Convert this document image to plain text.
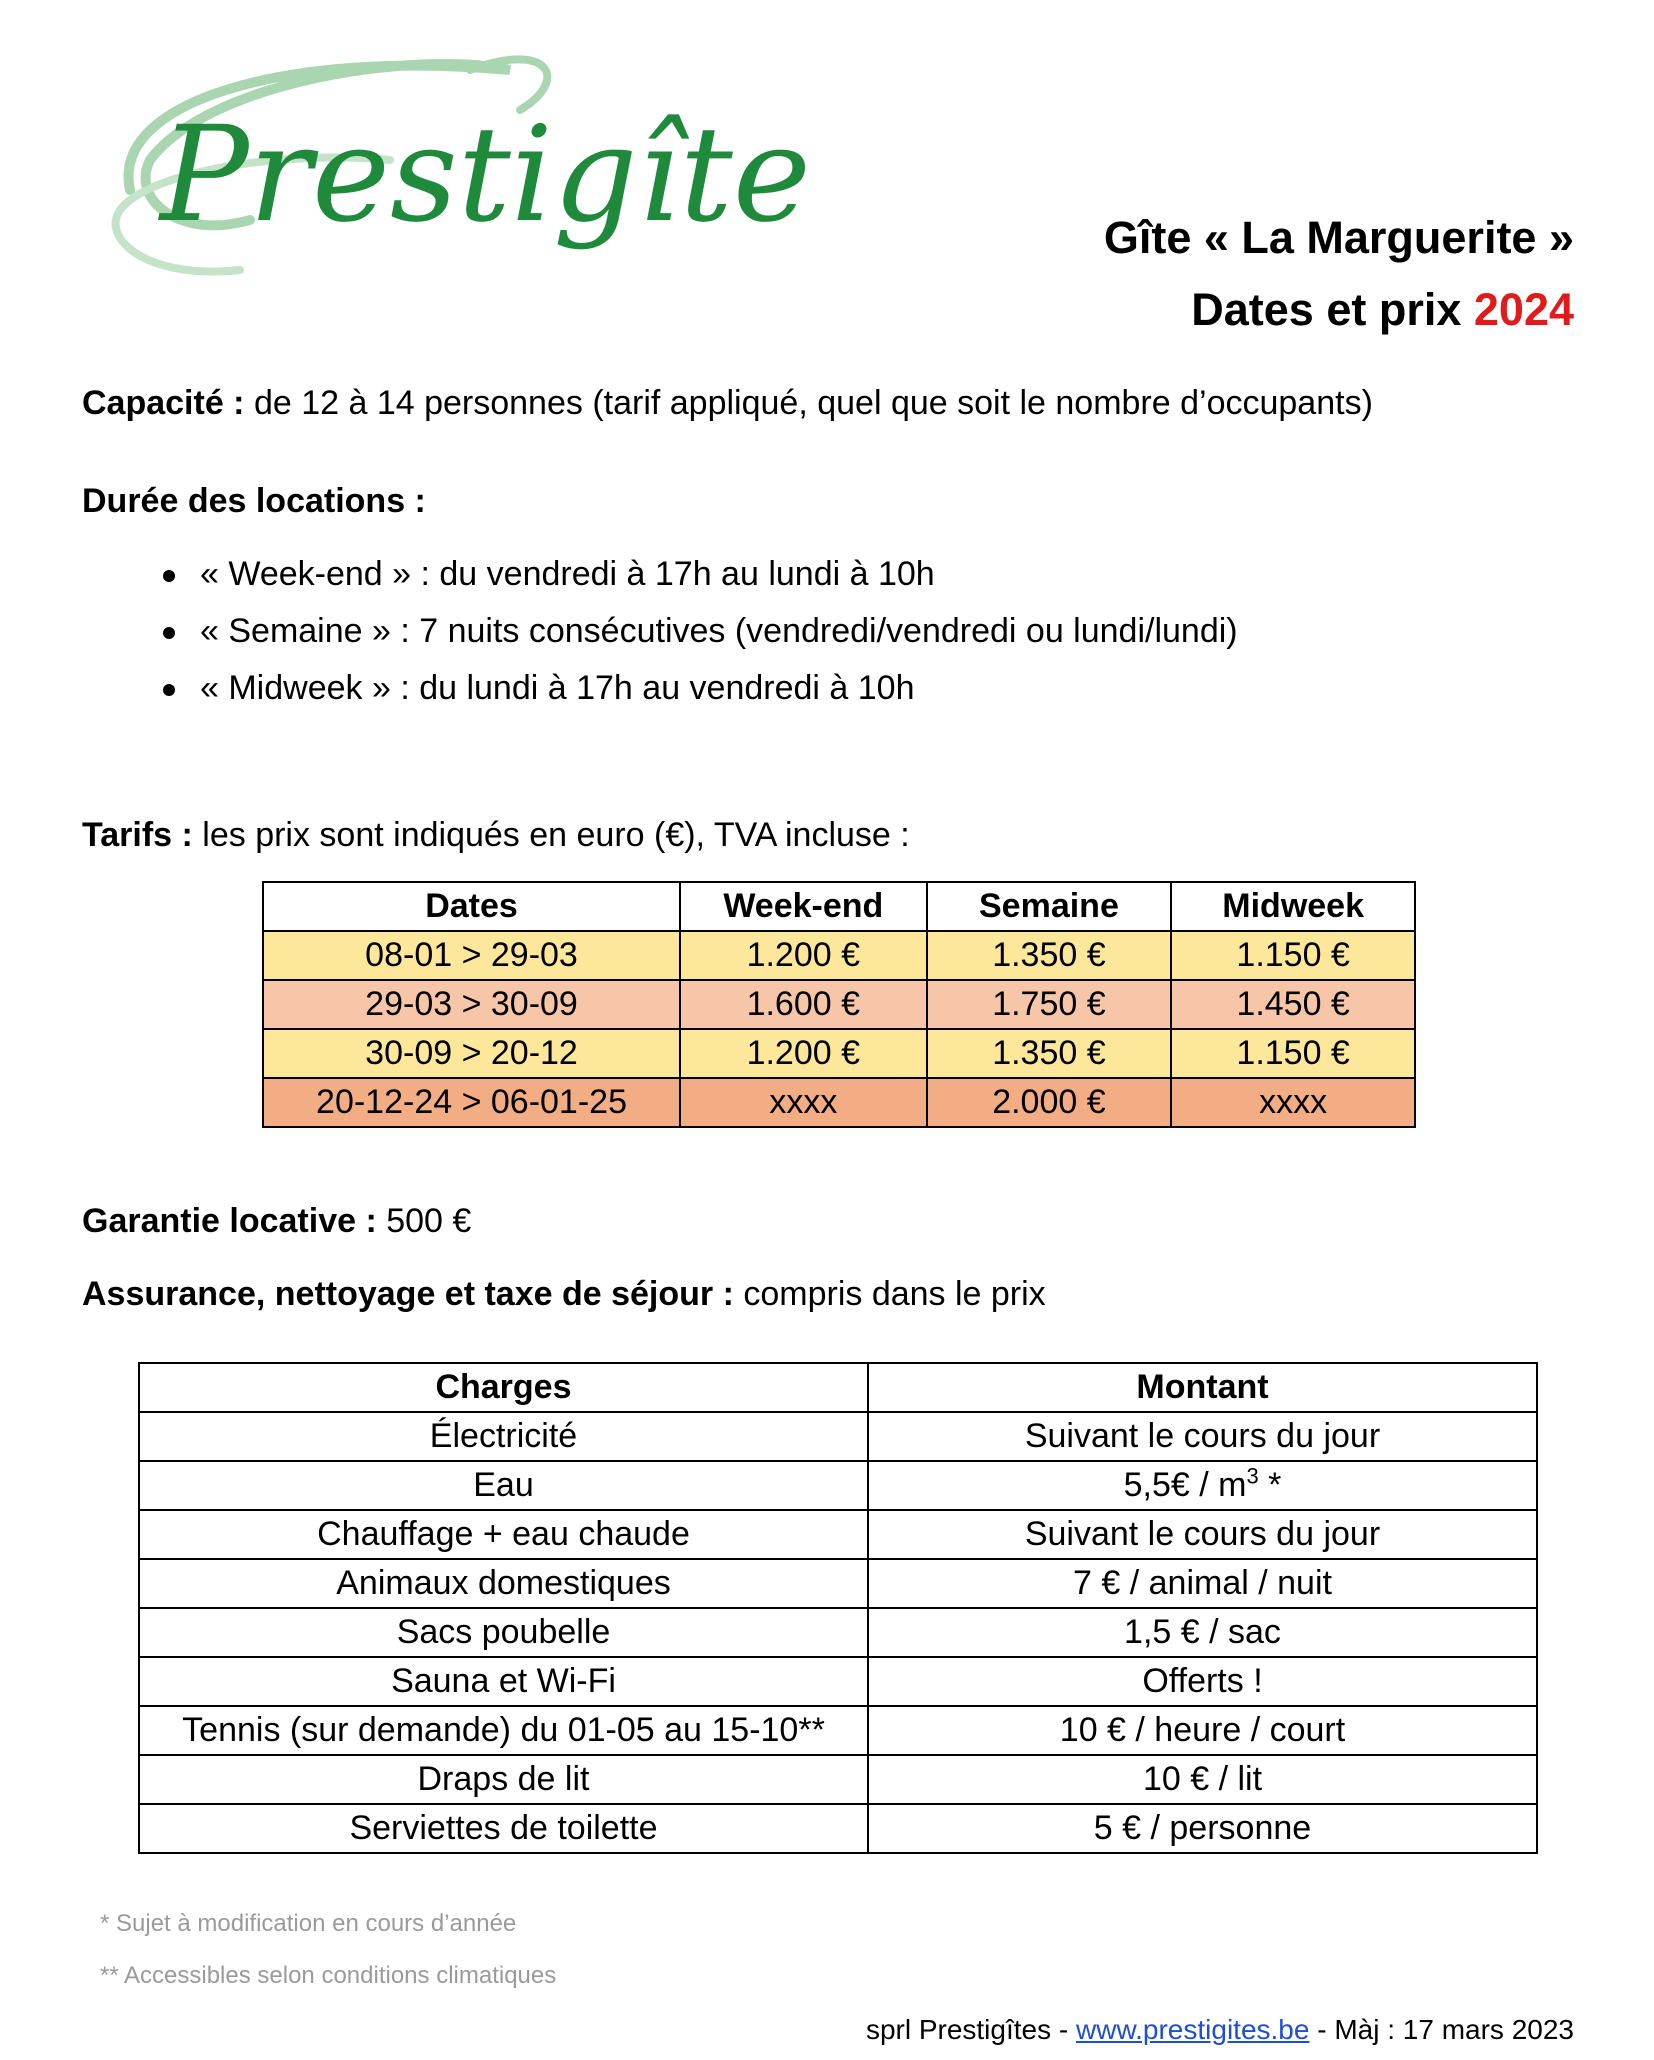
Prestigîtes	Gîte « La Marguerite »
Dates et prix 2024
Capacité : de 12 à 14 personnes (tarif appliqué, quel que soit le nombre d’occupants)
Durée des locations :
« Week-end » : du vendredi à 17h au lundi à 10h
« Semaine » : 7 nuits consécutives (vendredi/vendredi ou lundi/lundi)
« Midweek » : du lundi à 17h au vendredi à 10h
Tarifs : les prix sont indiqués en euro (€), TVA incluse :
Dates	Week-end	Semaine	Midweek
08-01 > 29-03	1.200 €	1.350 €	1.150 €
29-03 > 30-09	1.600 €	1.750 €	1.450 €
30-09 > 20-12	1.200 €	1.350 €	1.150 €
20-12-24 > 06-01-25	xxxx	2.000 €	xxxx
Garantie locative : 500 €
Assurance, nettoyage et taxe de séjour : compris dans le prix
Charges	Montant
Électricité	Suivant le cours du jour
Eau	5,5€ / $m^3$ *
Chauffage + eau chaude	Suivant le cours du jour
Animaux domestiques	7 € / animal / nuit
Sacs poubelle	1,5 € / sac
Sauna et Wi-Fi	Offerts !
Tennis (sur demande) du 01-05 au 15-10**	10 € / heure / court
Draps de lit	10 € / lit
Serviettes de toilette	5 € / personne
* Sujet à modification en cours d’année
** Accessibles selon conditions climatiques
sprl Prestigîtes - www.prestigites.be - Màj : 17 mars 2023
